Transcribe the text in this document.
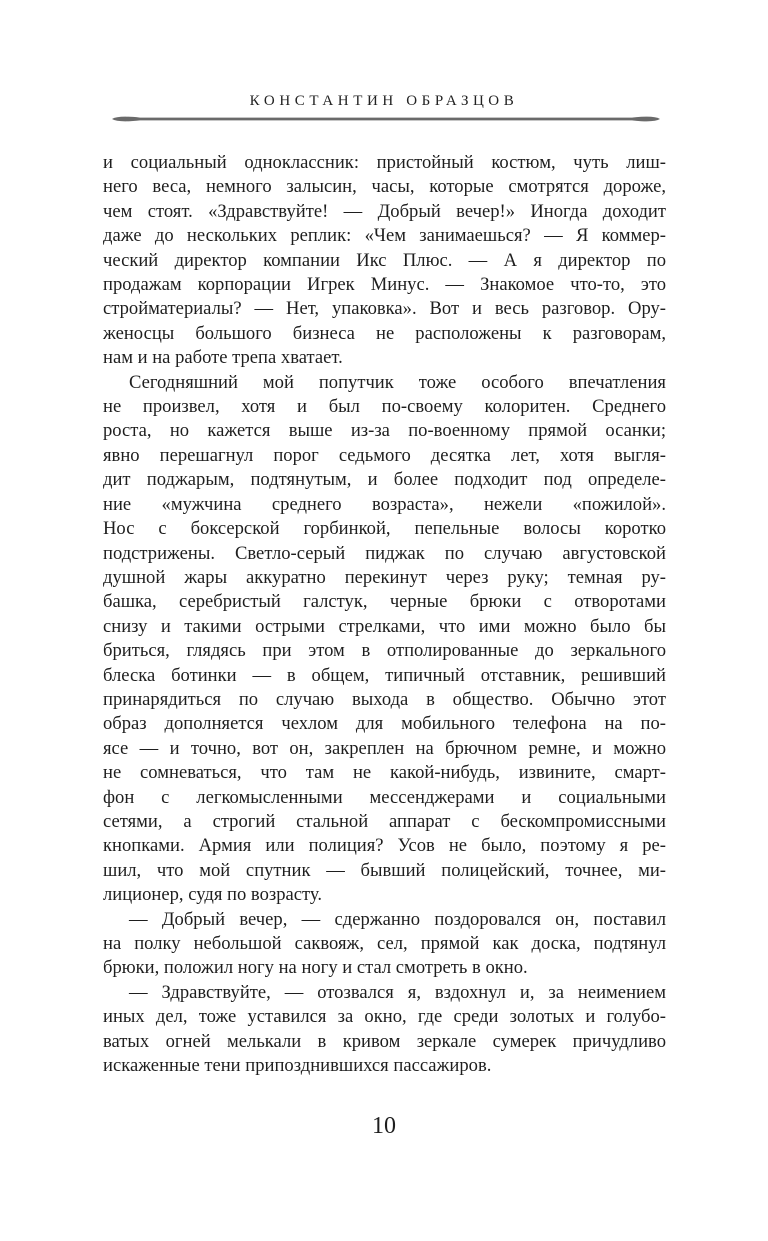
КОНСТАНТИН ОБРАЗЦОВ
и социальный одноклассник: пристойный костюм, чуть лиш-
него веса, немного залысин, часы, которые смотрятся дороже,
чем стоят. «Здравствуйте! — Добрый вечер!» Иногда доходит
даже до нескольких реплик: «Чем занимаешься? — Я коммер-
ческий директор компании Икс Плюс. — А я директор по
продажам корпорации Игрек Минус. — Знакомое что-то, это
стройматериалы? — Нет, упаковка». Вот и весь разговор. Ору-
женосцы большого бизнеса не расположены к разговорам,
нам и на работе трепа хватает.
Сегодняшний мой попутчик тоже особого впечатления
не произвел, хотя и был по-своему колоритен. Среднего
роста, но кажется выше из-за по-военному прямой осанки;
явно перешагнул порог седьмого десятка лет, хотя выгля-
дит поджарым, подтянутым, и более подходит под определе-
ние «мужчина среднего возраста», нежели «пожилой».
Нос с боксерской горбинкой, пепельные волосы коротко
подстрижены. Светло-серый пиджак по случаю августовской
душной жары аккуратно перекинут через руку; темная ру-
башка, серебристый галстук, черные брюки с отворотами
снизу и такими острыми стрелками, что ими можно было бы
бриться, глядясь при этом в отполированные до зеркального
блеска ботинки — в общем, типичный отставник, решивший
принарядиться по случаю выхода в общество. Обычно этот
образ дополняется чехлом для мобильного телефона на по-
ясе — и точно, вот он, закреплен на брючном ремне, и можно
не сомневаться, что там не какой-нибудь, извините, смарт-
фон с легкомысленными мессенджерами и социальными
сетями, а строгий стальной аппарат с бескомпромиссными
кнопками. Армия или полиция? Усов не было, поэтому я ре-
шил, что мой спутник — бывший полицейский, точнее, ми-
лиционер, судя по возрасту.
— Добрый вечер, — сдержанно поздоровался он, поставил
на полку небольшой саквояж, сел, прямой как доска, подтянул
брюки, положил ногу на ногу и стал смотреть в окно.
— Здравствуйте, — отозвался я, вздохнул и, за неимением
иных дел, тоже уставился за окно, где среди золотых и голубо-
ватых огней мелькали в кривом зеркале сумерек причудливо
искаженные тени припозднившихся пассажиров.
10
